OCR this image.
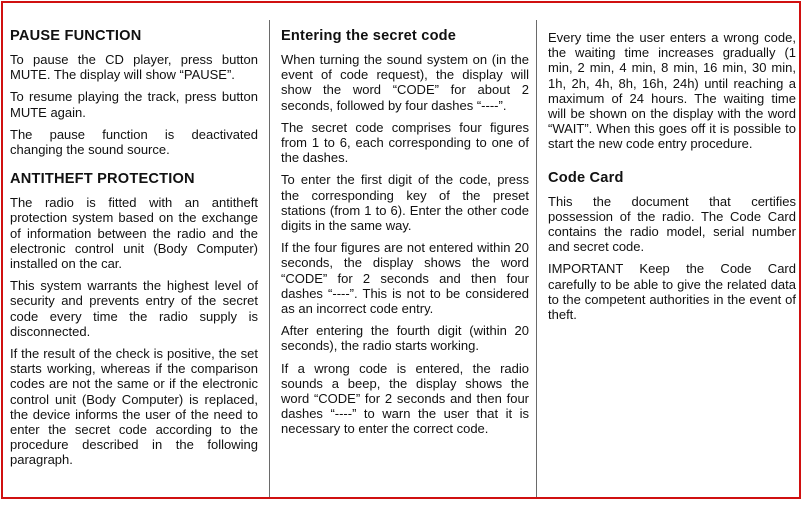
PAUSE FUNCTION

To pause the CD player, press button MUTE. The display will show “PAUSE”.

To resume playing the track, press button MUTE again.

The pause function is deactivated changing the sound source.

ANTITHEFT PROTECTION

The radio is fitted with an antitheft protection system based on the exchange of information between the radio and the electronic control unit (Body Computer) installed on the car.

This system warrants the highest level of security and prevents entry of the secret code every time the radio supply is disconnected.

If the result of the check is positive, the set starts working, whereas if the comparison codes are not the same or if the electronic control unit (Body Computer) is replaced, the device informs the user of the need to enter the secret code according to the procedure described in the following paragraph.

Entering the secret code

When turning the sound system on (in the event of code request), the display will show the word “CODE” for about 2 seconds, followed by four dashes “----”.

The secret code comprises four figures from 1 to 6, each corresponding to one of the dashes.

To enter the first digit of the code, press the corresponding key of the preset stations (from 1 to 6). Enter the other code digits in the same way.

If the four figures are not entered within 20 seconds, the display shows the word “CODE” for 2 seconds and then four dashes “----”. This is not to be considered as an incorrect code entry.

After entering the fourth digit (within 20 seconds), the radio starts working.

If a wrong code is entered, the radio sounds a beep, the display shows the word “CODE” for 2 seconds and then four dashes “----” to warn the user that it is necessary to enter the correct code.

Every time the user enters a wrong code, the waiting time increases gradually (1 min, 2 min, 4 min, 8 min, 16 min, 30 min, 1h, 2h, 4h, 8h, 16h, 24h) until reaching a maximum of 24 hours. The waiting time will be shown on the display with the word “WAIT”. When this goes off it is possible to start the new code entry procedure.

Code Card

This the document that certifies possession of the radio. The Code Card contains the radio model, serial number and secret code.

IMPORTANT Keep the Code Card carefully to be able to give the related data to the competent authorities in the event of theft.
